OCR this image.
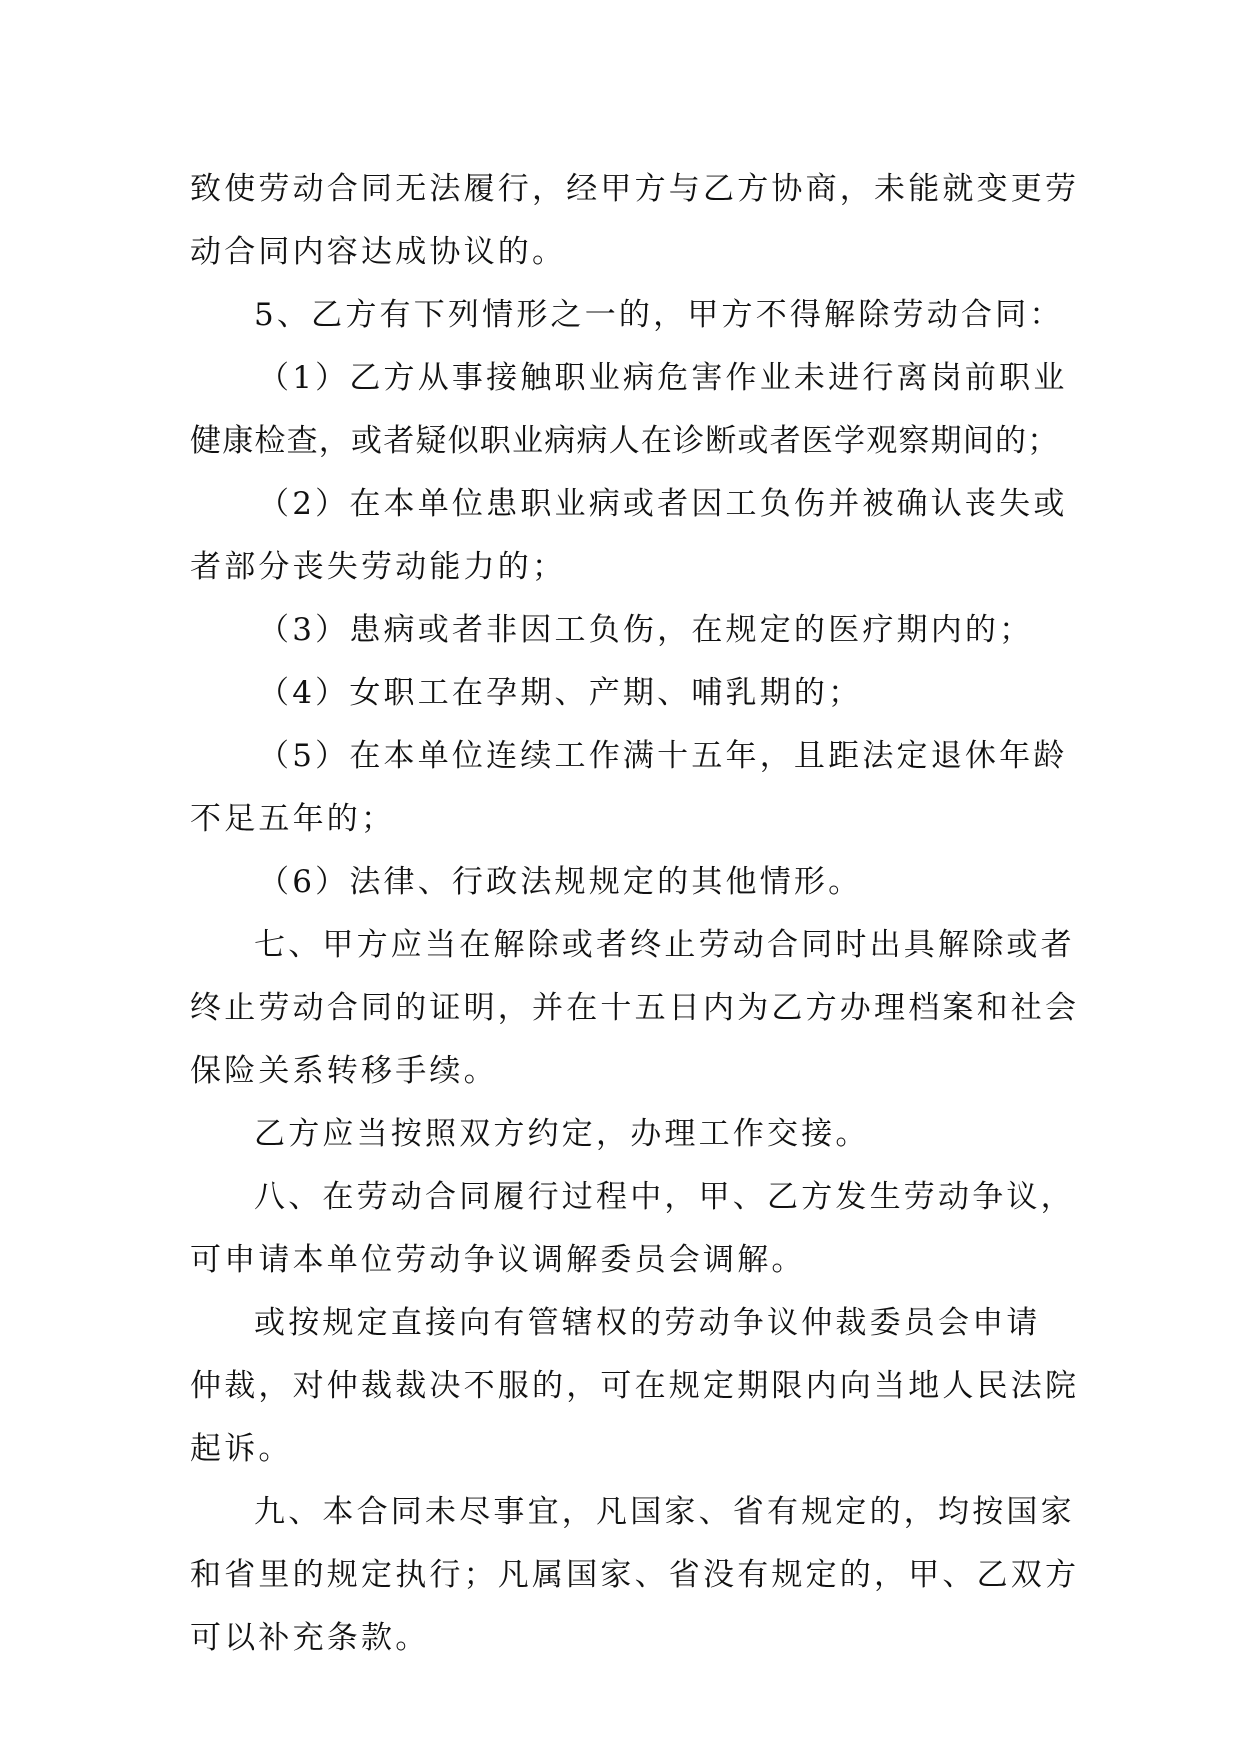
致使劳动合同无法履行，经甲方与乙方协商，未能就变更劳
动合同内容达成协议的。
5、乙方有下列情形之一的，甲方不得解除劳动合同：
（1）乙方从事接触职业病危害作业未进行离岗前职业
健康检查，或者疑似职业病病人在诊断或者医学观察期间的；
（2）在本单位患职业病或者因工负伤并被确认丧失或
者部分丧失劳动能力的；
（3）患病或者非因工负伤，在规定的医疗期内的；
（4）女职工在孕期、产期、哺乳期的；
（5）在本单位连续工作满十五年，且距法定退休年龄
不足五年的；
（6）法律、行政法规规定的其他情形。
七、甲方应当在解除或者终止劳动合同时出具解除或者
终止劳动合同的证明，并在十五日内为乙方办理档案和社会
保险关系转移手续。
乙方应当按照双方约定，办理工作交接。
八、在劳动合同履行过程中，甲、乙方发生劳动争议，
可申请本单位劳动争议调解委员会调解。
或按规定直接向有管辖权的劳动争议仲裁委员会申请
仲裁，对仲裁裁决不服的，可在规定期限内向当地人民法院
起诉。
九、本合同未尽事宜，凡国家、省有规定的，均按国家
和省里的规定执行；凡属国家、省没有规定的，甲、乙双方
可以补充条款。
